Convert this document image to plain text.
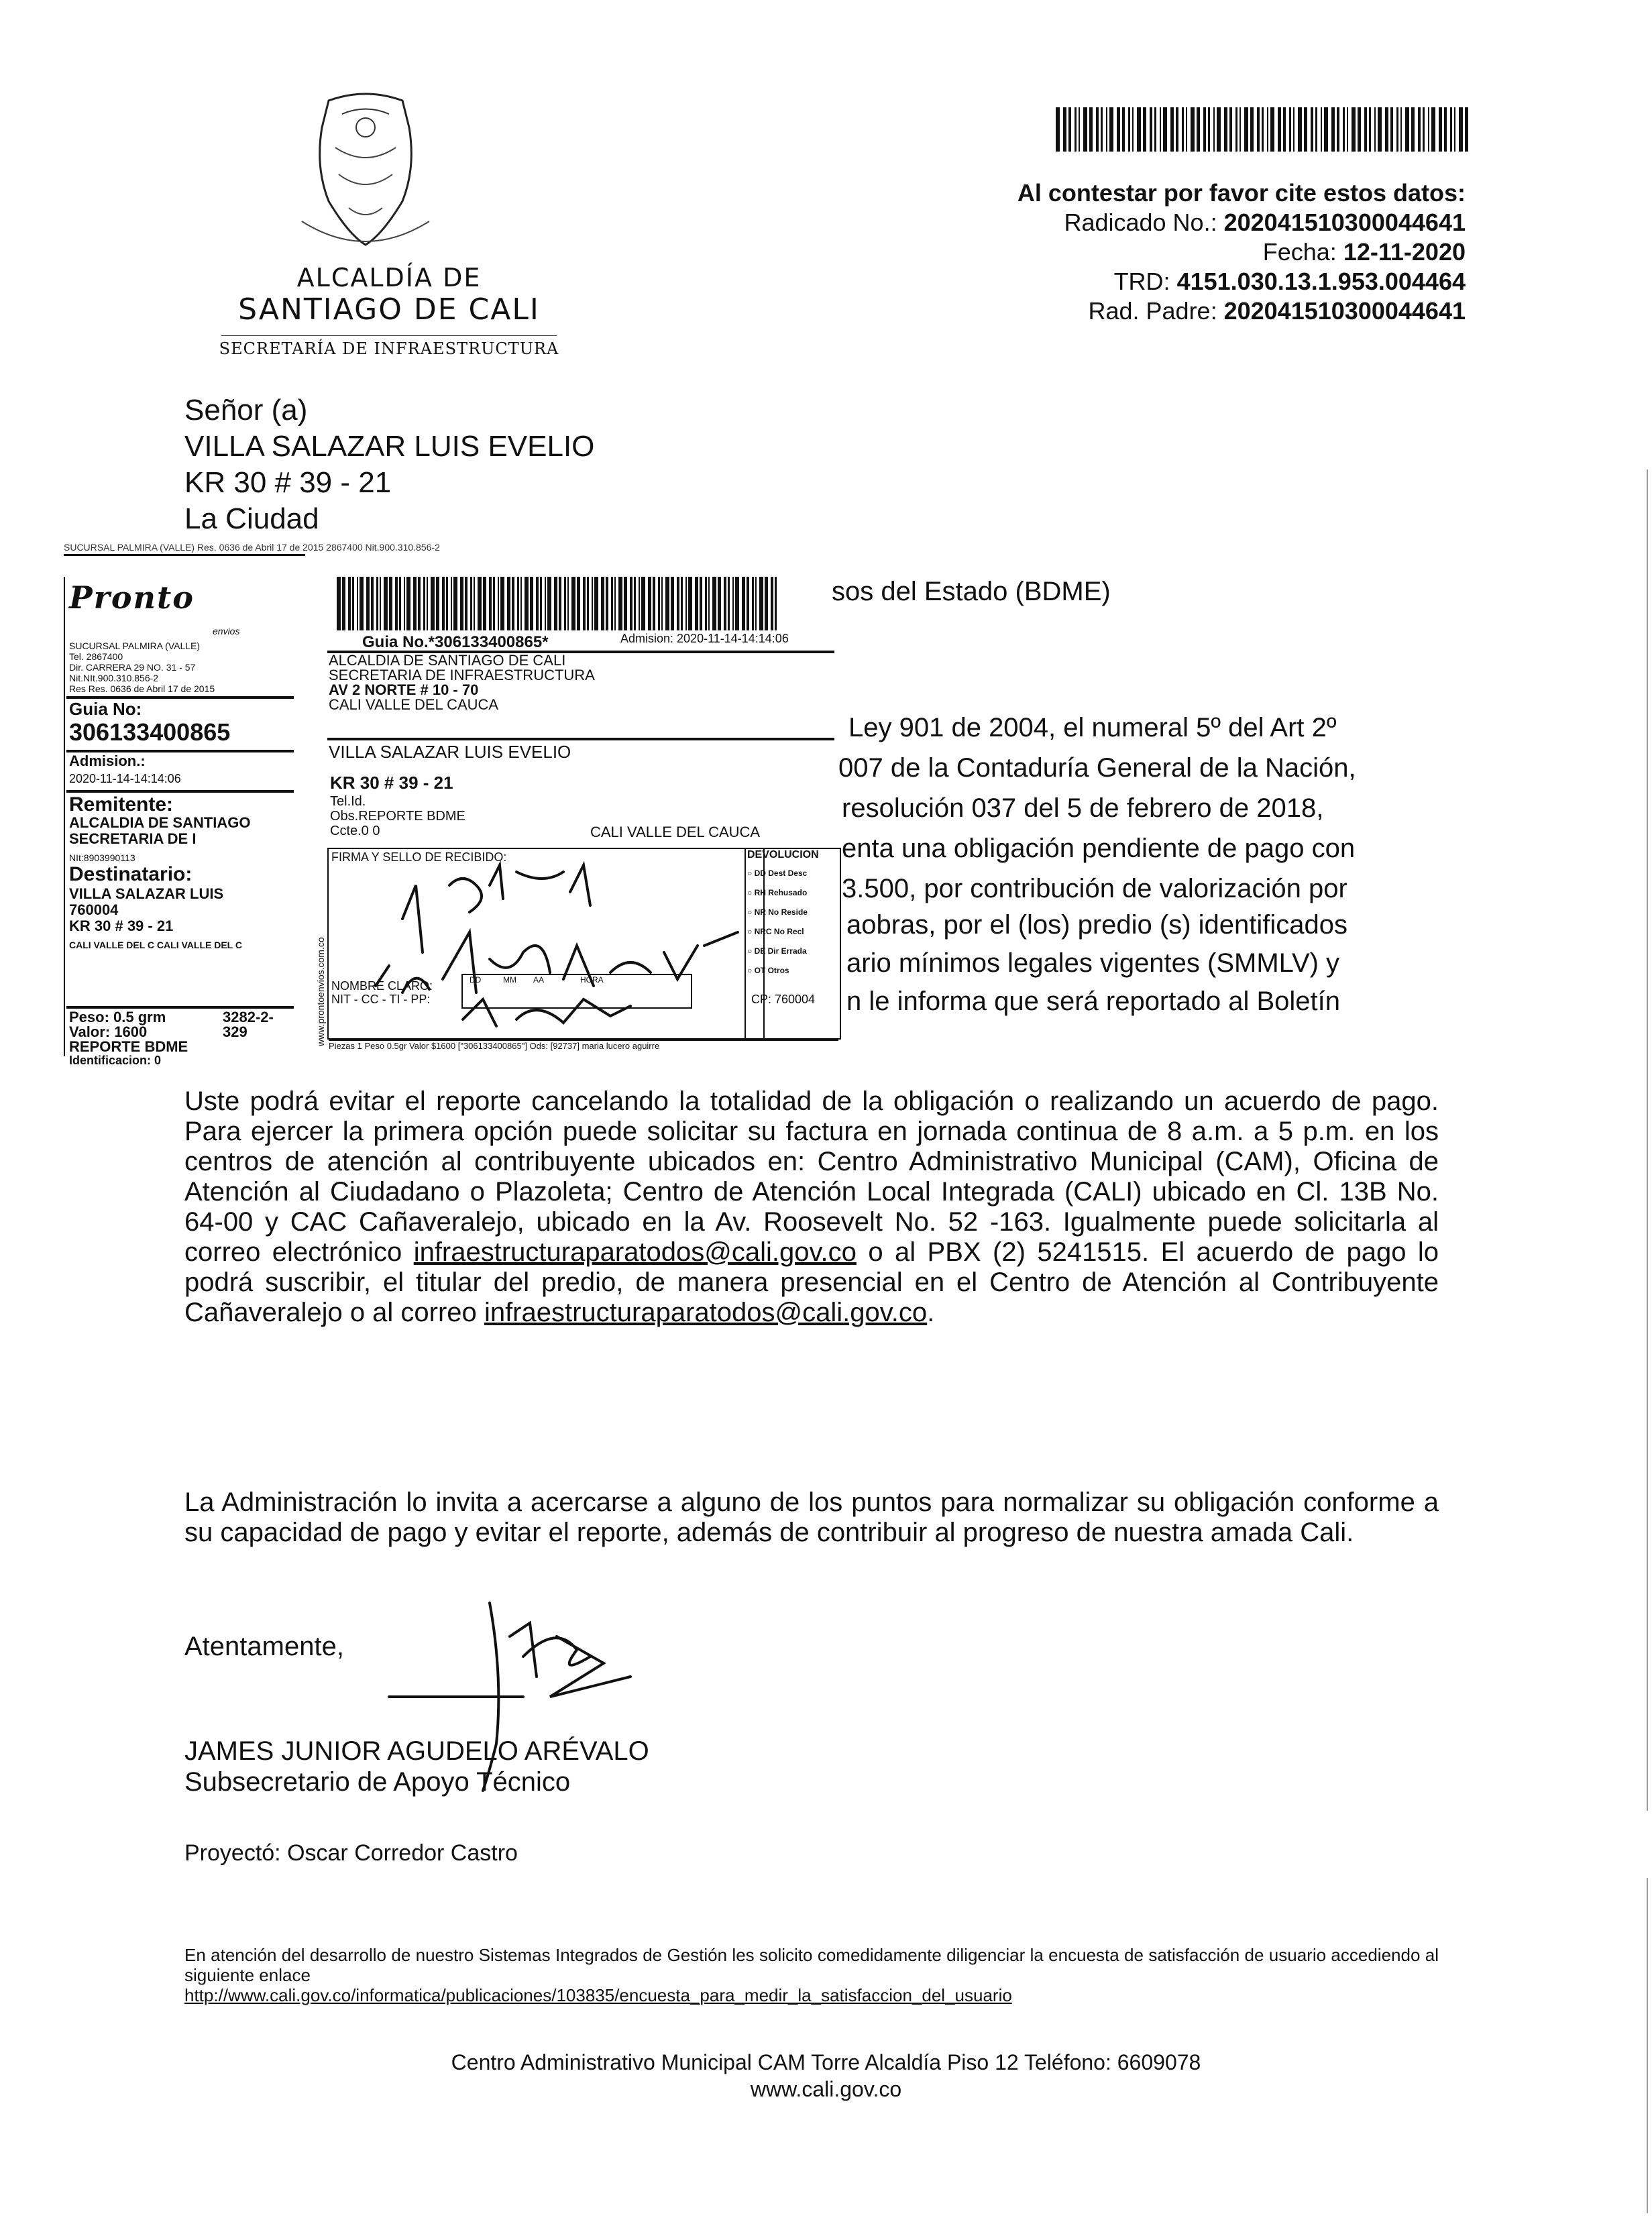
ALCALDÍA DE
SANTIAGO DE CALI
SECRETARÍA DE INFRAESTRUCTURA
Al contestar por favor cite estos datos:
Radicado No.: 202041510300044641
Fecha: 12-11-2020
TRD: 4151.030.13.1.953.004464
Rad. Padre: 202041510300044641
Señor (a)
VILLA SALAZAR LUIS EVELIO
KR 30 # 39 - 21
La Ciudad
sos del Estado (BDME)
Ley 901 de 2004, el numeral 5º del Art 2º
007 de la Contaduría General de la Nación,
resolución 037 del 5 de febrero de 2018,
enta una obligación pendiente de pago con
3.500, por contribución de valorización por
aobras, por el (los) predio (s) identificados
ario mínimos legales vigentes (SMMLV) y
n le informa que será reportado al Boletín
SUCURSAL PALMIRA (VALLE) Res. 0636 de Abril 17 de 2015 2867400 Nit.900.310.856-2
Pronto
envios
SUCURSAL PALMIRA (VALLE)
Tel. 2867400
Dir. CARRERA 29 NO. 31 - 57
Nit.NIt.900.310.856-2
Res Res. 0636 de Abril 17 de 2015
Guia No:
306133400865
Admision.:
2020-11-14-14:14:06
Remitente:
ALCALDIA DE SANTIAGO
SECRETARIA DE I
NIt:8903990113
Destinatario:
VILLA SALAZAR LUIS
760004
KR 30 # 39 - 21
CALI VALLE DEL C CALI VALLE DEL C
Peso: 0.5 grm	3282-2-329
Valor: 1600
REPORTE BDME
Identificacion: 0
Guia No.*306133400865*	Admision: 2020-11-14-14:14:06
ALCALDIA DE SANTIAGO DE CALI
SECRETARIA DE INFRAESTRUCTURA
AV 2 NORTE # 10 - 70
CALI VALLE DEL CAUCA
VILLA SALAZAR LUIS EVELIO
KR 30 # 39 - 21
Tel.Id.
Obs.REPORTE BDME
Ccte.0 0	CALI VALLE DEL CAUCA
FIRMA Y SELLO DE RECIBIDO:
NOMBRE CLARO:
NIT - CC - TI - PP:
DD	MM AA	HORA
DEVOLUCION
○ DD Dest Desc
○ RH Rehusado
○ NR No Reside
○ NRC No Recl
○ DE Dir Errada
○ OT Otros
CP: 760004
Piezas 1 Peso 0.5gr Valor $1600 ["306133400865"] Ods: [92737] maria lucero aguirre
www.prontoenvios.com.co
Uste podrá evitar el reporte cancelando la totalidad de la obligación o realizando un acuerdo de pago. Para ejercer la primera opción puede solicitar su factura en jornada continua de 8 a.m. a 5 p.m. en los centros de atención al contribuyente ubicados en: Centro Administrativo Municipal (CAM), Oficina de Atención al Ciudadano o Plazoleta; Centro de Atención Local Integrada (CALI) ubicado en Cl. 13B No. 64-00 y CAC Cañaveralejo, ubicado en la Av. Roosevelt No. 52 -163. Igualmente puede solicitarla al correo electrónico infraestructuraparatodos@cali.gov.co o al PBX (2) 5241515. El acuerdo de pago lo podrá suscribir, el titular del predio, de manera presencial en el Centro de Atención al Contribuyente Cañaveralejo o al correo infraestructuraparatodos@cali.gov.co.
La Administración lo invita a acercarse a alguno de los puntos para normalizar su obligación conforme a su capacidad de pago y evitar el reporte, además de contribuir al progreso de nuestra amada Cali.
Atentamente,
JAMES JUNIOR AGUDELO ARÉVALO
Subsecretario de Apoyo Técnico
Proyectó: Oscar Corredor Castro
En atención del desarrollo de nuestro Sistemas Integrados de Gestión les solicito comedidamente diligenciar la encuesta de satisfacción de usuario accediendo al siguiente enlace
http://www.cali.gov.co/informatica/publicaciones/103835/encuesta_para_medir_la_satisfaccion_del_usuario
Centro Administrativo Municipal CAM Torre Alcaldía Piso 12 Teléfono: 6609078
www.cali.gov.co
